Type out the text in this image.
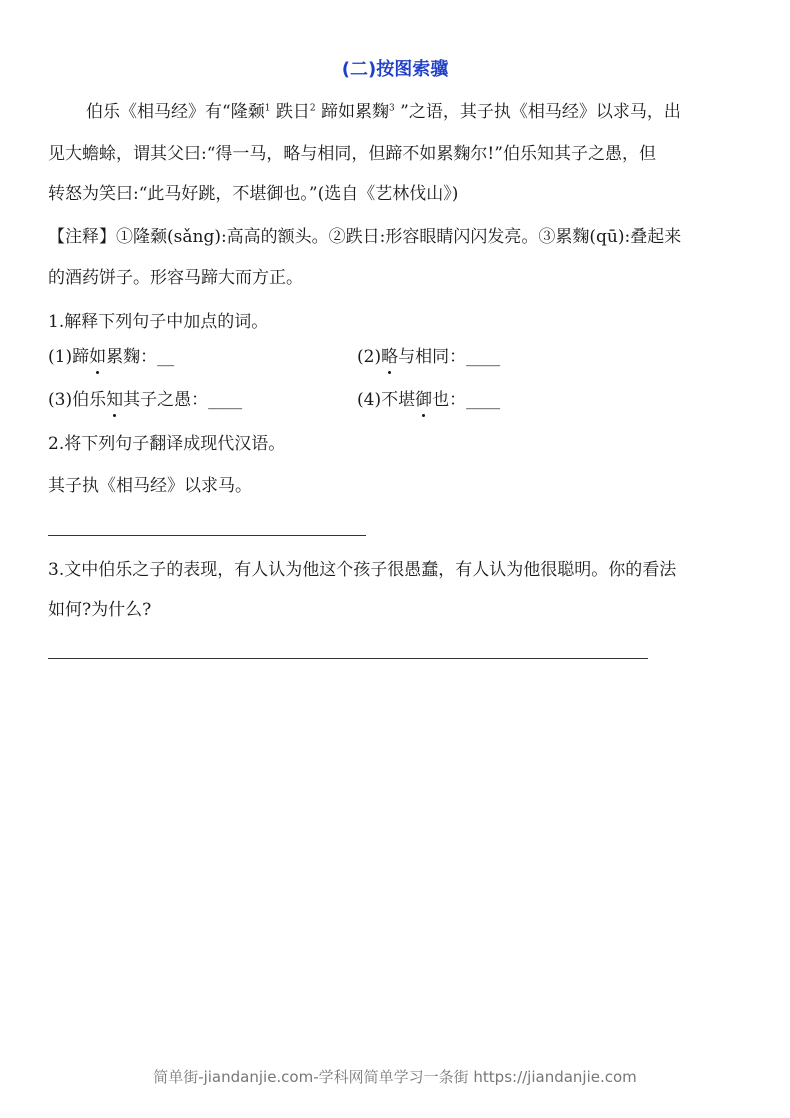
(二)按图索骥
伯乐《相马经》有“隆颡$^1$ 跌日$^2$ 蹄如累麴$^3$ ”之语，其子执《相马经》以求马，出
见大蟾蜍，谓其父曰:“得一马，略与相同，但蹄不如累麴尔!”伯乐知其子之愚，但
转怒为笑曰:“此马好跳，不堪御也。”(选自《艺林伐山》)
【注释】①隆颡(sǎng):高高的额头。②跌日:形容眼睛闪闪发亮。③累麴(qū):叠起来
的酒药饼子。形容马蹄大而方正。
1.解释下列句子中加点的词。
(1)蹄如累麴：__	(2)略与相同：____
(3)伯乐知其子之愚：____	(4)不堪御也：____
2.将下列句子翻译成现代汉语。
其子执《相马经》以求马。
3.文中伯乐之子的表现，有人认为他这个孩子很愚蠢，有人认为他很聪明。你的看法
如何?为什么?
简单街-jiandanjie.com-学科网简单学习一条街 https://jiandanjie.com
